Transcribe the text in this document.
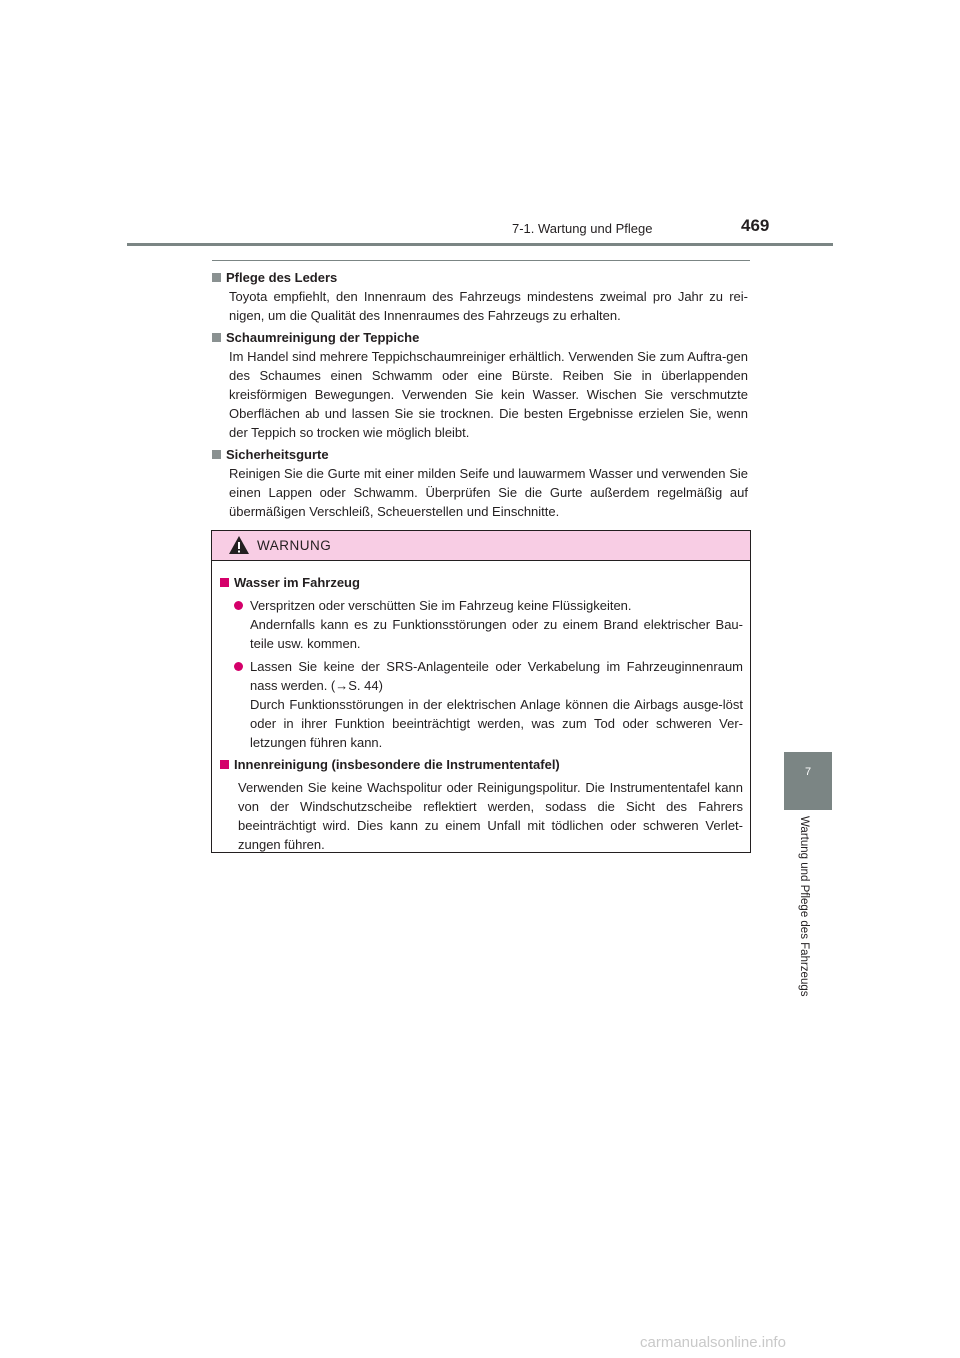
7-1. Wartung und Pflege	469
7
Wartung und Pflege des Fahrzeugs
Pflege des Leders
Toyota empfiehlt, den Innenraum des Fahrzeugs mindestens zweimal pro Jahr zu rei-nigen, um die Qualität des Innenraumes des Fahrzeugs zu erhalten.
Schaumreinigung der Teppiche
Im Handel sind mehrere Teppichschaumreiniger erhältlich. Verwenden Sie zum Auftra-gen des Schaumes einen Schwamm oder eine Bürste. Reiben Sie in überlappenden kreisförmigen Bewegungen. Verwenden Sie kein Wasser. Wischen Sie verschmutzte Oberflächen ab und lassen Sie sie trocknen. Die besten Ergebnisse erzielen Sie, wenn der Teppich so trocken wie möglich bleibt.
Sicherheitsgurte
Reinigen Sie die Gurte mit einer milden Seife und lauwarmem Wasser und verwenden Sie einen Lappen oder Schwamm. Überprüfen Sie die Gurte außerdem regelmäßig auf übermäßigen Verschleiß, Scheuerstellen und Einschnitte.
WARNUNG
Wasser im Fahrzeug
Verspritzen oder verschütten Sie im Fahrzeug keine Flüssigkeiten.
Andernfalls kann es zu Funktionsstörungen oder zu einem Brand elektrischer Bau-teile usw. kommen.
Lassen Sie keine der SRS-Anlagenteile oder Verkabelung im Fahrzeuginnenraum nass werden. (→S. 44)
Durch Funktionsstörungen in der elektrischen Anlage können die Airbags ausge-löst oder in ihrer Funktion beeinträchtigt werden, was zum Tod oder schweren Ver-letzungen führen kann.
Innenreinigung (insbesondere die Instrumententafel)
Verwenden Sie keine Wachspolitur oder Reinigungspolitur. Die Instrumententafel kann von der Windschutzscheibe reflektiert werden, sodass die Sicht des Fahrers beeinträchtigt wird. Dies kann zu einem Unfall mit tödlichen oder schweren Verlet-zungen führen.
carmanualsonline.info
